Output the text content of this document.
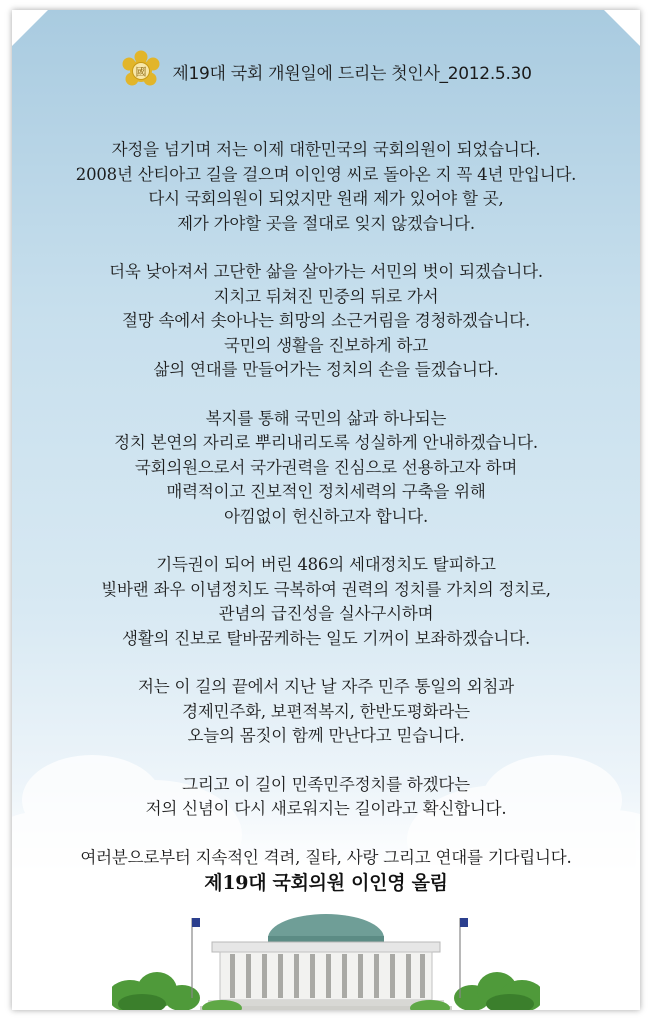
國 제19대 국회 개원일에 드리는 첫인사_2012.5.30
자정을 넘기며 저는 이제 대한민국의 국회의원이 되었습니다.
2008년 산티아고 길을 걸으며 이인영 씨로 돌아온 지 꼭 4년 만입니다.
다시 국회의원이 되었지만 원래 제가 있어야 할 곳,
제가 가야할 곳을 절대로 잊지 않겠습니다.
더욱 낮아져서 고단한 삶을 살아가는 서민의 벗이 되겠습니다.
지치고 뒤쳐진 민중의 뒤로 가서
절망 속에서 솟아나는 희망의 소근거림을 경청하겠습니다.
국민의 생활을 진보하게 하고
삶의 연대를 만들어가는 정치의 손을 들겠습니다.
복지를 통해 국민의 삶과 하나되는
정치 본연의 자리로 뿌리내리도록 성실하게 안내하겠습니다.
국회의원으로서 국가권력을 진심으로 선용하고자 하며
매력적이고 진보적인 정치세력의 구축을 위해
아낌없이 헌신하고자 합니다.
기득권이 되어 버린 486의 세대정치도 탈피하고
빛바랜 좌우 이념정치도 극복하여 권력의 정치를 가치의 정치로,
관념의 급진성을 실사구시하며
생활의 진보로 탈바꿈케하는 일도 기꺼이 보좌하겠습니다.
저는 이 길의 끝에서 지난 날 자주 민주 통일의 외침과
경제민주화, 보편적복지, 한반도평화라는
오늘의 몸짓이 함께 만난다고 믿습니다.
그리고 이 길이 민족민주정치를 하겠다는
저의 신념이 다시 새로워지는 길이라고 확신합니다.
여러분으로부터 지속적인 격려, 질타, 사랑 그리고 연대를 기다립니다.
제19대 국회의원 이인영 올림
